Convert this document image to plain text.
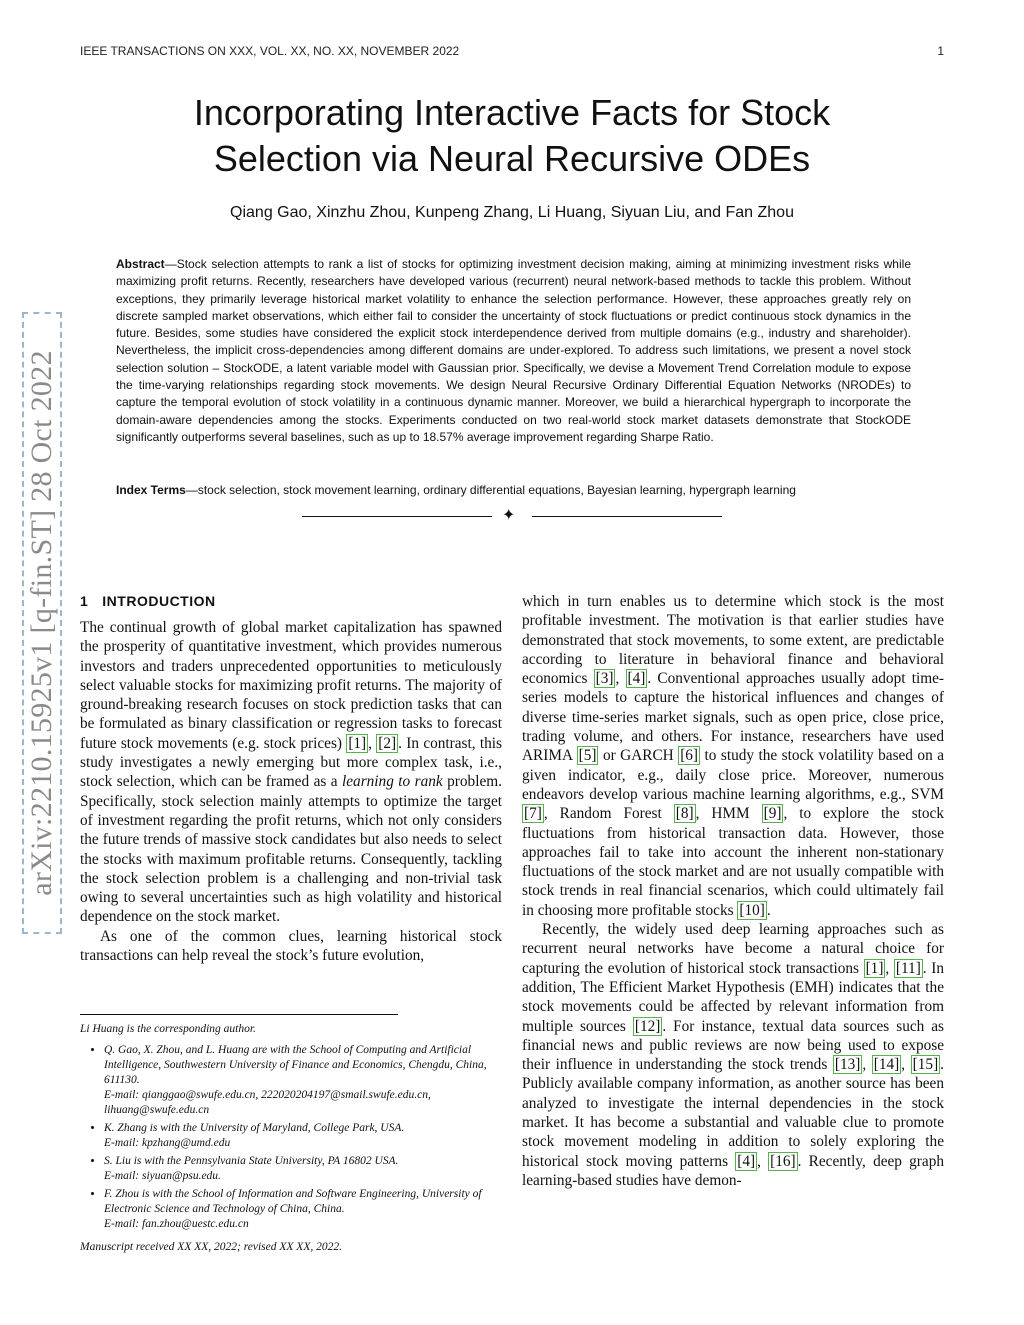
IEEE TRANSACTIONS ON XXX, VOL. XX, NO. XX, NOVEMBER 2022	1
Incorporating Interactive Facts for Stock
Selection via Neural Recursive ODEs
Qiang Gao, Xinzhu Zhou, Kunpeng Zhang, Li Huang, Siyuan Liu, and Fan Zhou
Abstract—Stock selection attempts to rank a list of stocks for optimizing investment decision making, aiming at minimizing investment risks while maximizing profit returns. Recently, researchers have developed various (recurrent) neural network-based methods to tackle this problem. Without exceptions, they primarily leverage historical market volatility to enhance the selection performance. However, these approaches greatly rely on discrete sampled market observations, which either fail to consider the uncertainty of stock fluctuations or predict continuous stock dynamics in the future. Besides, some studies have considered the explicit stock interdependence derived from multiple domains (e.g., industry and shareholder). Nevertheless, the implicit cross-dependencies among different domains are under-explored. To address such limitations, we present a novel stock selection solution – StockODE, a latent variable model with Gaussian prior. Specifically, we devise a Movement Trend Correlation module to expose the time-varying relationships regarding stock movements. We design Neural Recursive Ordinary Differential Equation Networks (NRODEs) to capture the temporal evolution of stock volatility in a continuous dynamic manner. Moreover, we build a hierarchical hypergraph to incorporate the domain-aware dependencies among the stocks. Experiments conducted on two real-world stock market datasets demonstrate that StockODE significantly outperforms several baselines, such as up to 18.57% average improvement regarding Sharpe Ratio.
Index Terms—stock selection, stock movement learning, ordinary differential equations, Bayesian learning, hypergraph learning
✦
arXiv:2210.15925v1 [q-fin.ST] 28 Oct 2022 1 INTRODUCTION

The continual growth of global market capitalization has spawned the prosperity of quantitative investment, which provides numerous investors and traders unprecedented opportunities to meticulously select valuable stocks for maximizing profit returns. The majority of ground-breaking research focuses on stock prediction tasks that can be formulated as binary classification or regression tasks to forecast future stock movements (e.g. stock prices) [1] , [2] . In contrast, this study investigates a newly emerging but more complex task, i.e., stock selection, which can be framed as a learning to rank problem. Specifically, stock selection mainly attempts to optimize the target of investment regarding the profit returns, which not only considers the future trends of massive stock candidates but also needs to select the stocks with maximum profitable returns. Consequently, tackling the stock selection problem is a challenging and non-trivial task owing to several uncertainties such as high volatility and historical dependence on the stock market.

As one of the common clues, learning historical stock transactions can help reveal the stock’s future evolution,

which in turn enables us to determine which stock is the most profitable investment. The motivation is that earlier studies have demonstrated that stock movements, to some extent, are predictable according to literature in behavioral finance and behavioral economics [3] , [4] . Conventional approaches usually adopt time-series models to capture the historical influences and changes of diverse time-series market signals, such as open price, close price, trading volume, and others. For instance, researchers have used ARIMA [5] or GARCH [6] to study the stock volatility based on a given indicator, e.g., daily close price. Moreover, numerous endeavors develop various machine learning algorithms, e.g., SVM [7] , Random Forest [8] , HMM [9] , to explore the stock fluctuations from historical transaction data. However, those approaches fail to take into account the inherent non-stationary fluctuations of the stock market and are not usually compatible with stock trends in real financial scenarios, which could ultimately fail in choosing more profitable stocks [10] .

Recently, the widely used deep learning approaches such as recurrent neural networks have become a natural choice for capturing the evolution of historical stock transactions [1] , [11] . In addition, The Efficient Market Hypothesis (EMH) indicates that the stock movements could be affected by relevant information from multiple sources [12] . For instance, textual data sources such as financial news and public reviews are now being used to expose their influence in understanding the stock trends [13] , [14] , [15] . Publicly available company information, as another source has been analyzed to investigate the internal dependencies in the stock market. It has become a substantial and valuable clue to promote stock movement modeling in addition to solely exploring the historical stock moving patterns [4] , [16] . Recently, deep graph learning-based studies have demon-

Li Huang is the corresponding author.

• Q. Gao, X. Zhou, and L. Huang are with the School of Computing and Artificial Intelligence, Southwestern University of Finance and Economics, Chengdu, China, 611130.
E-mail: qianggao@swufe.edu.cn, 222020204197@smail.swufe.edu.cn, lihuang@swufe.edu.cn
• K. Zhang is with the University of Maryland, College Park, USA.
E-mail: kpzhang@umd.edu
• S. Liu is with the Pennsylvania State University, PA 16802 USA.
E-mail: siyuan@psu.edu.
• F. Zhou is with the School of Information and Software Engineering, University of Electronic Science and Technology of China, China.
E-mail: fan.zhou@uestc.edu.cn

Manuscript received XX XX, 2022; revised XX XX, 2022.
